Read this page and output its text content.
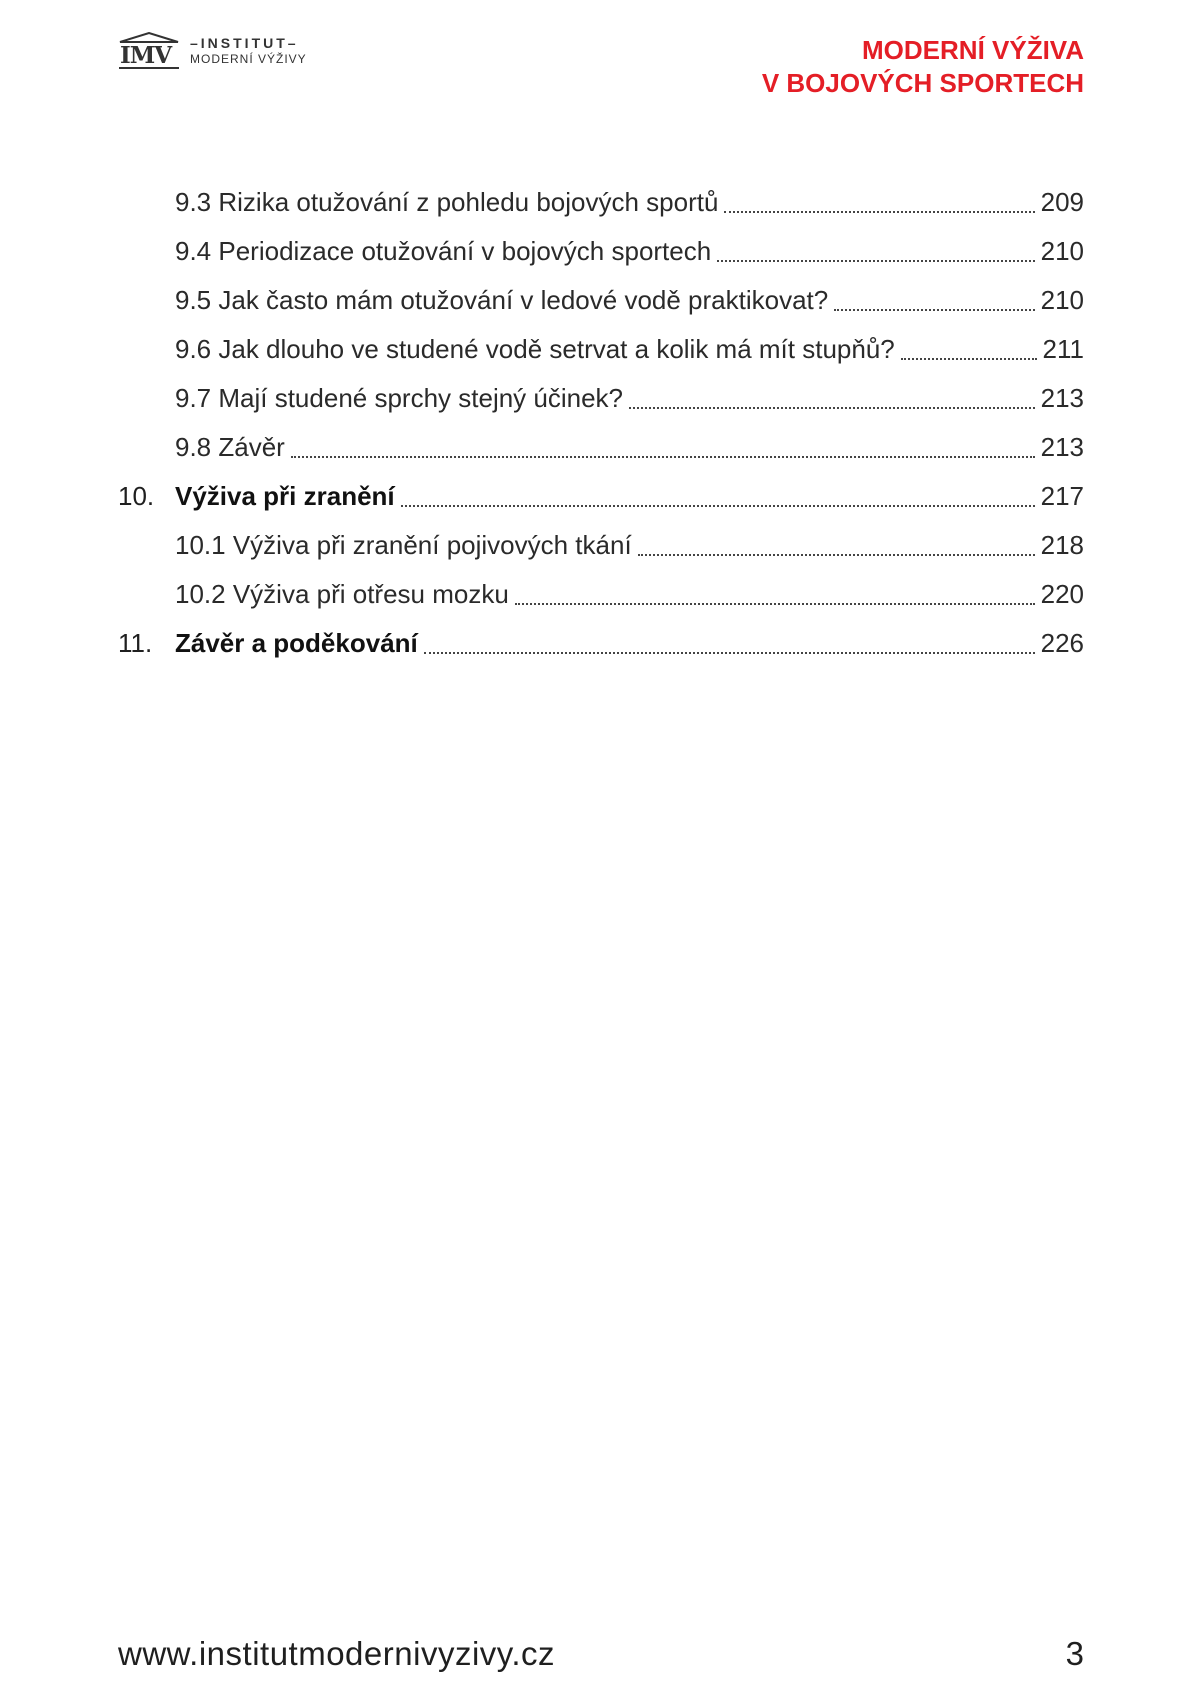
IMV –INSTITUT–
MODERNÍ VÝŽIVY	MODERNÍ VÝŽIVA
V BOJOVÝCH SPORTECH
9.3 Rizika otužování z pohledu bojových sportů	209
9.4 Periodizace otužování v bojových sportech	210
9.5 Jak často mám otužování v ledové vodě praktikovat?	210
9.6 Jak dlouho ve studené vodě setrvat a kolik má mít stupňů?	211
9.7 Mají studené sprchy stejný účinek?	213
9.8 Závěr	213
10. Výživa při zranění	217
10.1 Výživa při zranění pojivových tkání	218
10.2 Výživa při otřesu mozku	220
11. Závěr a poděkování	226
www.institutmodernivyzivy.cz	3
